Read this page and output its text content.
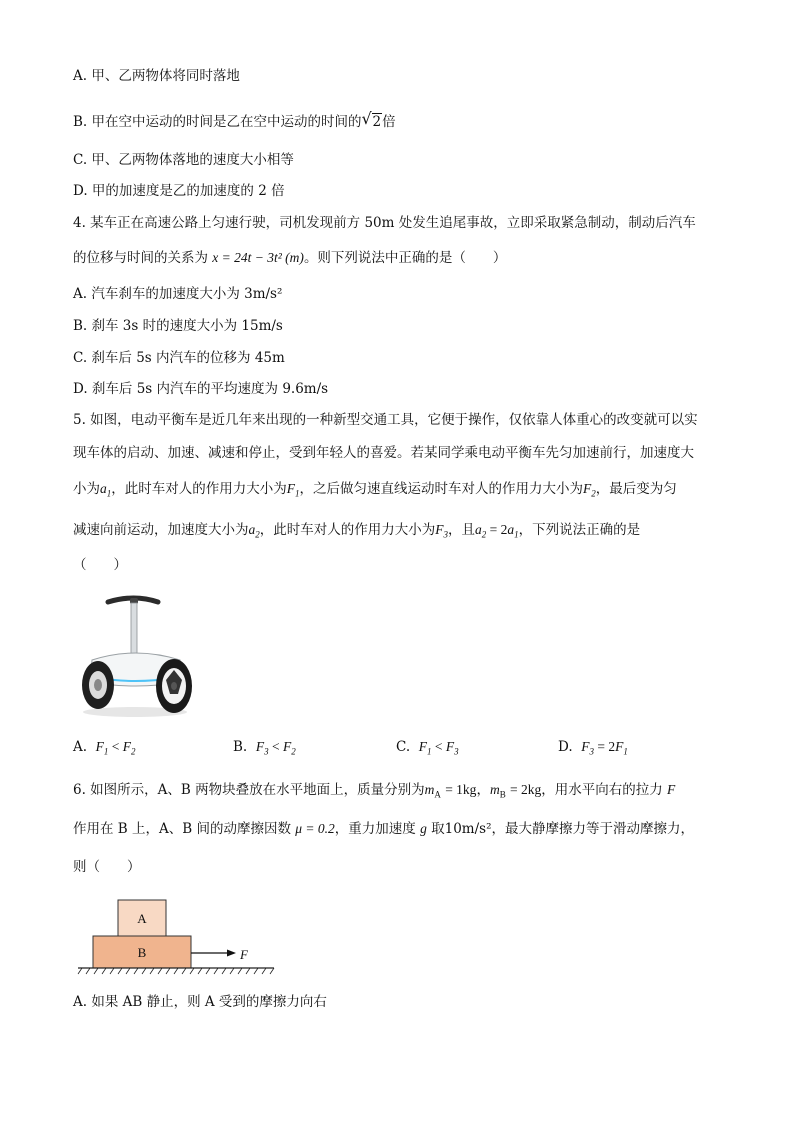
A. 甲、乙两物体将同时落地
B. 甲在空中运动的时间是乙在空中运动的时间的 √ 2倍
C. 甲、乙两物体落地的速度大小相等
D. 甲的加速度是乙的加速度的 2 倍
4. 某车正在高速公路上匀速行驶，司机发现前方 50m 处发生追尾事故，立即采取紧急制动，制动后汽车
的位移与时间的关系为 x = 24t − 3t² (m)。则下列说法中正确的是（　　）
A. 汽车刹车的加速度大小为 3m/s²
B. 刹车 3s 时的速度大小为 15m/s
C. 刹车后 5s 内汽车的位移为 45m
D. 刹车后 5s 内汽车的平均速度为 9.6m/s
5. 如图，电动平衡车是近几年来出现的一种新型交通工具，它便于操作，仅依靠人体重心的改变就可以实
现车体的启动、加速、减速和停止，受到年轻人的喜爱。若某同学乘电动平衡车先匀加速前行，加速度大
小为$a_1$，此时车对人的作用力大小为$F_1$，之后做匀速直线运动时车对人的作用力大小为$F_2$，最后变为匀
减速向前运动，加速度大小为$a_2$，此时车对人的作用力大小为$F_3$，且$a_2 = 2a_1$，下列说法正确的是
（　　）
A. $F_1 < F_2$	B. $F_3 < F_2$	C. $F_1 < F_3$	D. $F_3 = 2F_1$
6. 如图所示，A、B 两物块叠放在水平地面上，质量分别为$m_A = 1kg$，$m_B = 2kg$，用水平向右的拉力 F
作用在 B 上，A、B 间的动摩擦因数 μ = 0.2，重力加速度 g 取10m/s²，最大静摩擦力等于滑动摩擦力，
则（　　）
A
B	F
A. 如果 AB 静止，则 A 受到的摩擦力向右
